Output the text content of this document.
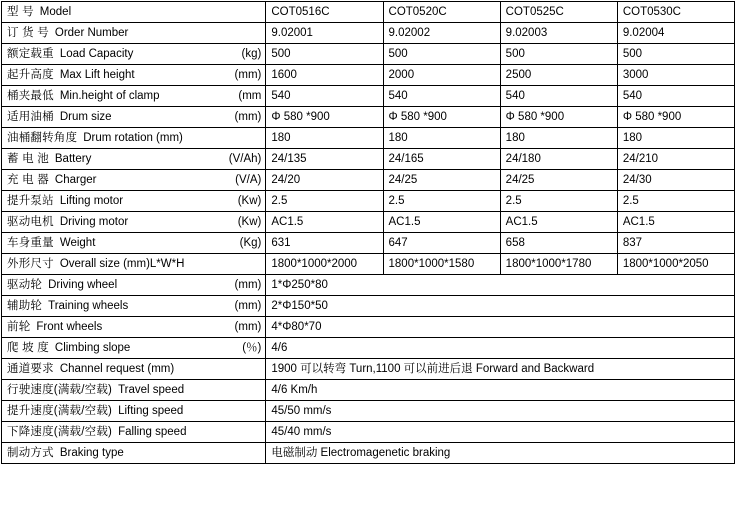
型 号 Model	COT0516C	COT0520C	COT0525C	COT0530C

订 货 号 Order Number	9.02001	9.02002	9.02003	9.02004

额定载重 Load Capacity (kg)	500	500	500	500

起升高度 Max Lift height (mm)	1600	2000	2500	3000

桶夹最低 Min.height of clamp (mm	540	540	540	540

适用油桶 Drum size (mm)	Φ 580 *900	Φ 580 *900	Φ 580 *900	Φ 580 *900

油桶翻转角度 Drum rotation (mm)	180	180	180	180

蓄 电 池 Battery (V/Ah)	24/135	24/165	24/180	24/210

充 电 器 Charger (V/A)	24/20	24/25	24/25	24/30

提升泵站 Lifting motor (Kw)	2.5	2.5	2.5	2.5

驱动电机 Driving motor (Kw)	AC1.5	AC1.5	AC1.5	AC1.5

车身重量 Weight (Kg)	631	647	658	837

外形尺寸 Overall size (mm)L*W*H	1800*1000*2000	1800*1000*1580	1800*1000*1780	1800*1000*2050

驱动轮 Driving wheel (mm)	1*Φ250*80			

辅助轮 Training wheels (mm)	2*Φ150*50			

前轮 Front wheels (mm)	4*Φ80*70			

爬 坡 度 Climbing slope (％)	4/6			

通道要求 Channel request (mm)	1900 可以转弯 Turn,1100 可以前进后退 Forward and Backward			

行驶速度(满载/空载) Travel speed	4/6 Km/h			

提升速度(满载/空载) Lifting speed	45/50 mm/s			

下降速度(满载/空载) Falling speed	45/40 mm/s			

制动方式 Braking type	电磁制动 Electromagenetic braking			
